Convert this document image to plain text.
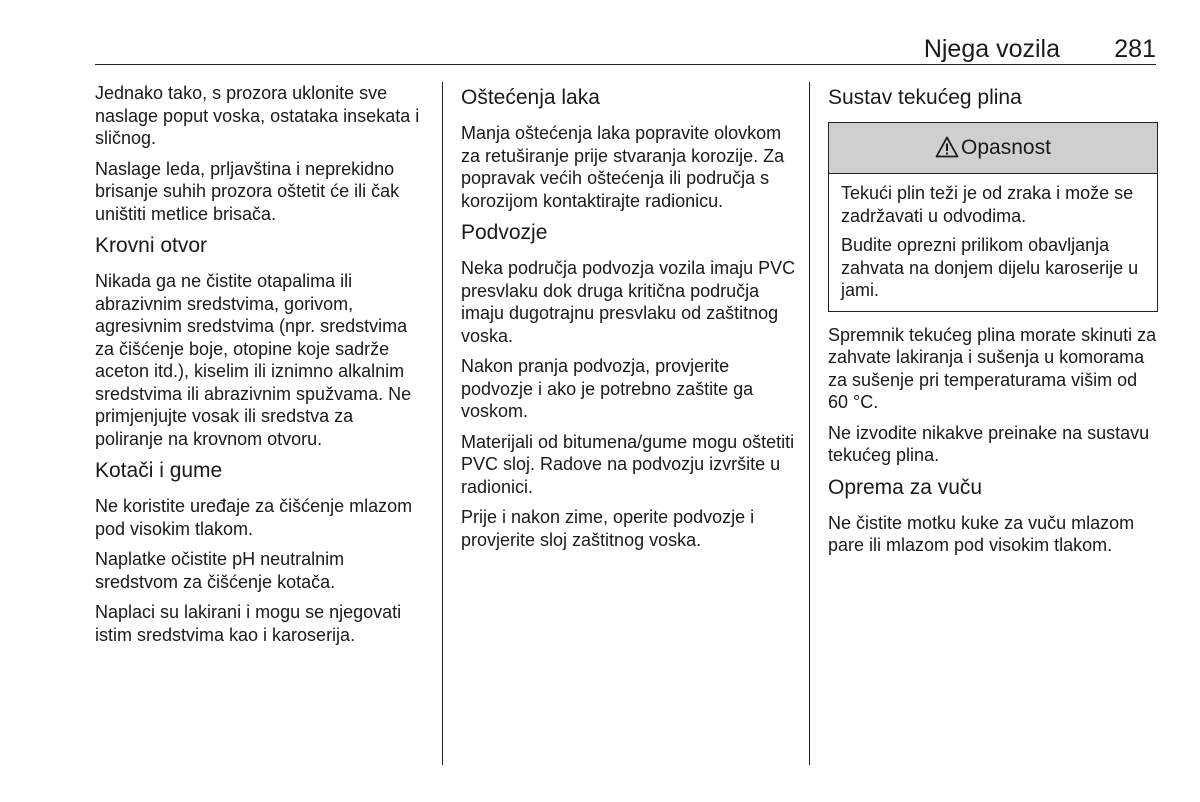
Njega vozila 281

Jednako tako, s prozora uklonite sve naslage poput voska, ostataka insekata i sličnog.

Naslage leda, prljavština i neprekidno brisanje suhih prozora oštetit će ili čak uništiti metlice brisača.

Krovni otvor

Nikada ga ne čistite otapalima ili abrazivnim sredstvima, gorivom, agresivnim sredstvima (npr. sredstvima za čišćenje boje, otopine koje sadrže aceton itd.), kiselim ili iznimno alkalnim sredstvima ili abrazivnim spužvama. Ne primjenjujte vosak ili sredstva za poliranje na krovnom otvoru.

Kotači i gume

Ne koristite uređaje za čišćenje mlazom pod visokim tlakom.

Naplatke očistite pH neutralnim sredstvom za čišćenje kotača.

Naplaci su lakirani i mogu se njegovati istim sredstvima kao i karoserija.

Oštećenja laka

Manja oštećenja laka popravite olovkom za retuširanje prije stvaranja korozije. Za popravak većih oštećenja ili područja s korozijom kontaktirajte radionicu.

Podvozje

Neka područja podvozja vozila imaju PVC presvlaku dok druga kritična područja imaju dugotrajnu presvlaku od zaštitnog voska.

Nakon pranja podvozja, provjerite podvozje i ako je potrebno zaštite ga voskom.

Materijali od bitumena/gume mogu oštetiti PVC sloj. Radove na podvozju izvršite u radionici.

Prije i nakon zime, operite podvozje i provjerite sloj zaštitnog voska.

Sustav tekućeg plina
Opasnost

Tekući plin teži je od zraka i može se zadržavati u odvodima.

Budite oprezni prilikom obavljanja zahvata na donjem dijelu karoserije u jami.

Spremnik tekućeg plina morate skinuti za zahvate lakiranja i sušenja u komorama za sušenje pri temperaturama višim od 60 °C.

Ne izvodite nikakve preinake na sustavu tekućeg plina.

Oprema za vuču

Ne čistite motku kuke za vuču mlazom pare ili mlazom pod visokim tlakom.
